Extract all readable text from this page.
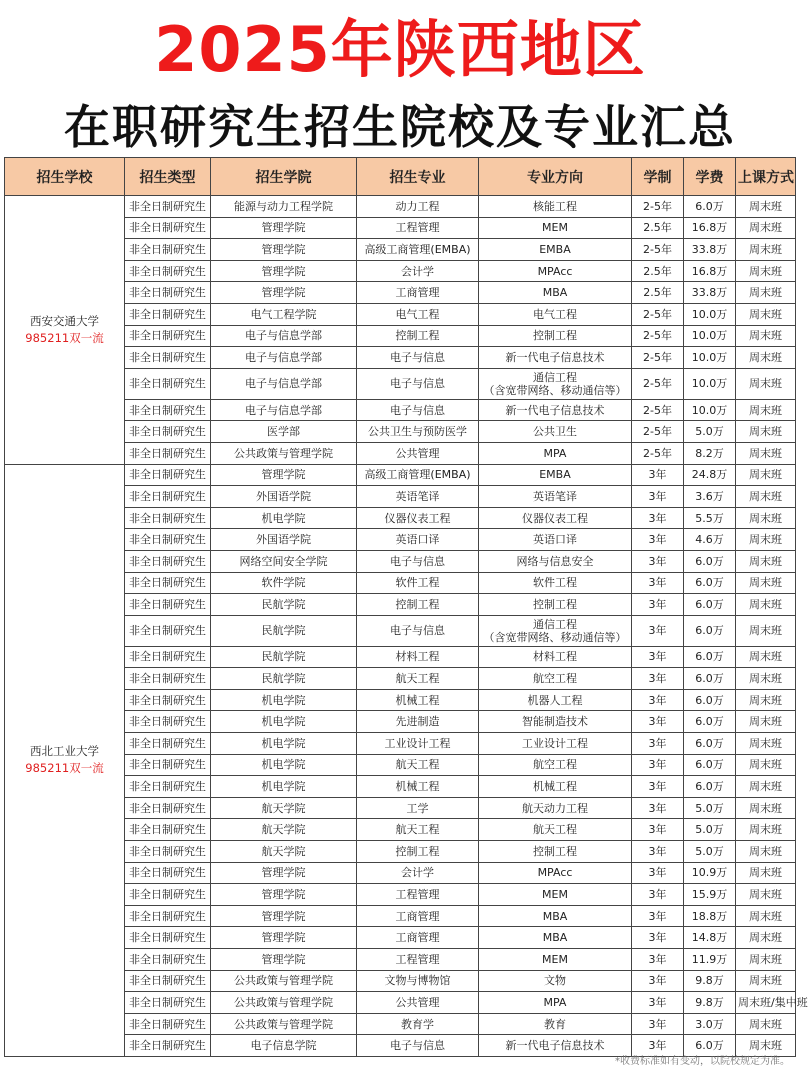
2025年陕西地区
在职研究生招生院校及专业汇总
招生学校	招生类型	招生学院	招生专业	专业方向	学制	学费	上课方式

西安交通大学
985211双一流	非全日制研究生	能源与动力工程学院	动力工程	核能工程	2-5年	6.0万	周末班
	非全日制研究生	管理学院	工程管理	MEM	2.5年	16.8万	周末班
	非全日制研究生	管理学院	高级工商管理(EMBA)	EMBA	2-5年	33.8万	周末班
	非全日制研究生	管理学院	会计学	MPAcc	2.5年	16.8万	周末班
	非全日制研究生	管理学院	工商管理	MBA	2.5年	33.8万	周末班
	非全日制研究生	电气工程学院	电气工程	电气工程	2-5年	10.0万	周末班
	非全日制研究生	电子与信息学部	控制工程	控制工程	2-5年	10.0万	周末班
	非全日制研究生	电子与信息学部	电子与信息	新一代电子信息技术	2-5年	10.0万	周末班
	非全日制研究生	电子与信息学部	电子与信息	通信工程
（含宽带网络、移动通信等）	2-5年	10.0万	周末班
	非全日制研究生	电子与信息学部	电子与信息	新一代电子信息技术	2-5年	10.0万	周末班
	非全日制研究生	医学部	公共卫生与预防医学	公共卫生	2-5年	5.0万	周末班
	非全日制研究生	公共政策与管理学院	公共管理	MPA	2-5年	8.2万	周末班

西北工业大学
985211双一流	非全日制研究生	管理学院	高级工商管理(EMBA)	EMBA	3年	24.8万	周末班
	非全日制研究生	外国语学院	英语笔译	英语笔译	3年	3.6万	周末班
	非全日制研究生	机电学院	仪器仪表工程	仪器仪表工程	3年	5.5万	周末班
	非全日制研究生	外国语学院	英语口译	英语口译	3年	4.6万	周末班
	非全日制研究生	网络空间安全学院	电子与信息	网络与信息安全	3年	6.0万	周末班
	非全日制研究生	软件学院	软件工程	软件工程	3年	6.0万	周末班
	非全日制研究生	民航学院	控制工程	控制工程	3年	6.0万	周末班
	非全日制研究生	民航学院	电子与信息	通信工程
（含宽带网络、移动通信等）	3年	6.0万	周末班
	非全日制研究生	民航学院	材料工程	材料工程	3年	6.0万	周末班
	非全日制研究生	民航学院	航天工程	航空工程	3年	6.0万	周末班
	非全日制研究生	机电学院	机械工程	机器人工程	3年	6.0万	周末班
	非全日制研究生	机电学院	先进制造	智能制造技术	3年	6.0万	周末班
	非全日制研究生	机电学院	工业设计工程	工业设计工程	3年	6.0万	周末班
	非全日制研究生	机电学院	航天工程	航空工程	3年	6.0万	周末班
	非全日制研究生	机电学院	机械工程	机械工程	3年	6.0万	周末班
	非全日制研究生	航天学院	工学	航天动力工程	3年	5.0万	周末班
	非全日制研究生	航天学院	航天工程	航天工程	3年	5.0万	周末班
	非全日制研究生	航天学院	控制工程	控制工程	3年	5.0万	周末班
	非全日制研究生	管理学院	会计学	MPAcc	3年	10.9万	周末班
	非全日制研究生	管理学院	工程管理	MEM	3年	15.9万	周末班
	非全日制研究生	管理学院	工商管理	MBA	3年	18.8万	周末班
	非全日制研究生	管理学院	工商管理	MBA	3年	14.8万	周末班
	非全日制研究生	管理学院	工程管理	MEM	3年	11.9万	周末班
	非全日制研究生	公共政策与管理学院	文物与博物馆	文物	3年	9.8万	周末班
	非全日制研究生	公共政策与管理学院	公共管理	MPA	3年	9.8万	周末班/集中班
	非全日制研究生	公共政策与管理学院	教育学	教育	3年	3.0万	周末班
	非全日制研究生	电子信息学院	电子与信息	新一代电子信息技术	3年	6.0万	周末班
*收费标准如有变动，以院校规定为准。
